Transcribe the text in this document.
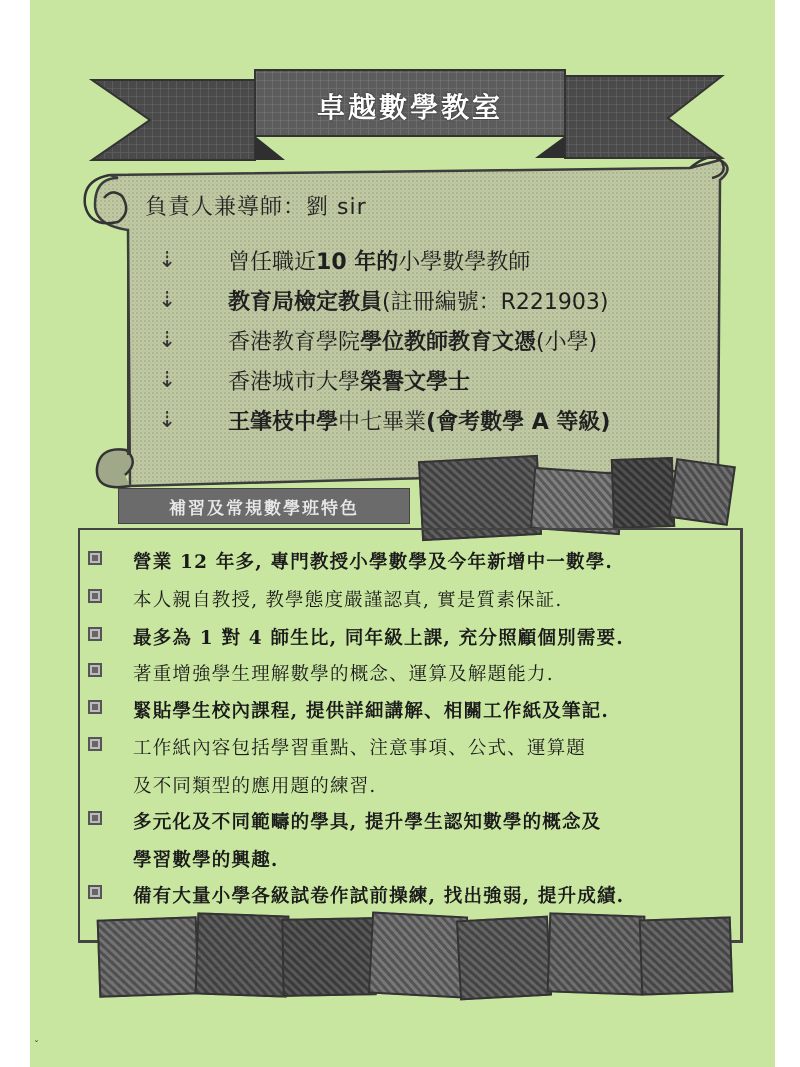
ˇ
卓越數學教室
負責人兼導師：劉 sir
⇣	曾任職近 10 年的 小學數學教師
⇣	教育局檢定教員 (註冊編號：R221903)
⇣	香港教育學院 學位教師教育文憑 (小學)
⇣	香港城市大學 榮譽文學士
⇣	王肇枝中學 中七畢業 (會考數學 A 等級)
補習及常規數學班特色
營業 12 年多, 專門教授小學數學及今年新增中一數學.
本人親自教授, 教學態度嚴謹認真, 實是質素保証.
最多為 1 對 4 師生比, 同年級上課, 充分照顧個別需要.
著重增強學生理解數學的概念、運算及解題能力.
緊貼學生校內課程, 提供詳細講解、相關工作紙及筆記.
工作紙內容包括學習重點、注意事項、公式、運算題
及不同類型的應用題的練習.
多元化及不同範疇的學具, 提升學生認知數學的概念及
學習數學的興趣.
備有大量小學各級試卷作試前操練, 找出強弱, 提升成績.
